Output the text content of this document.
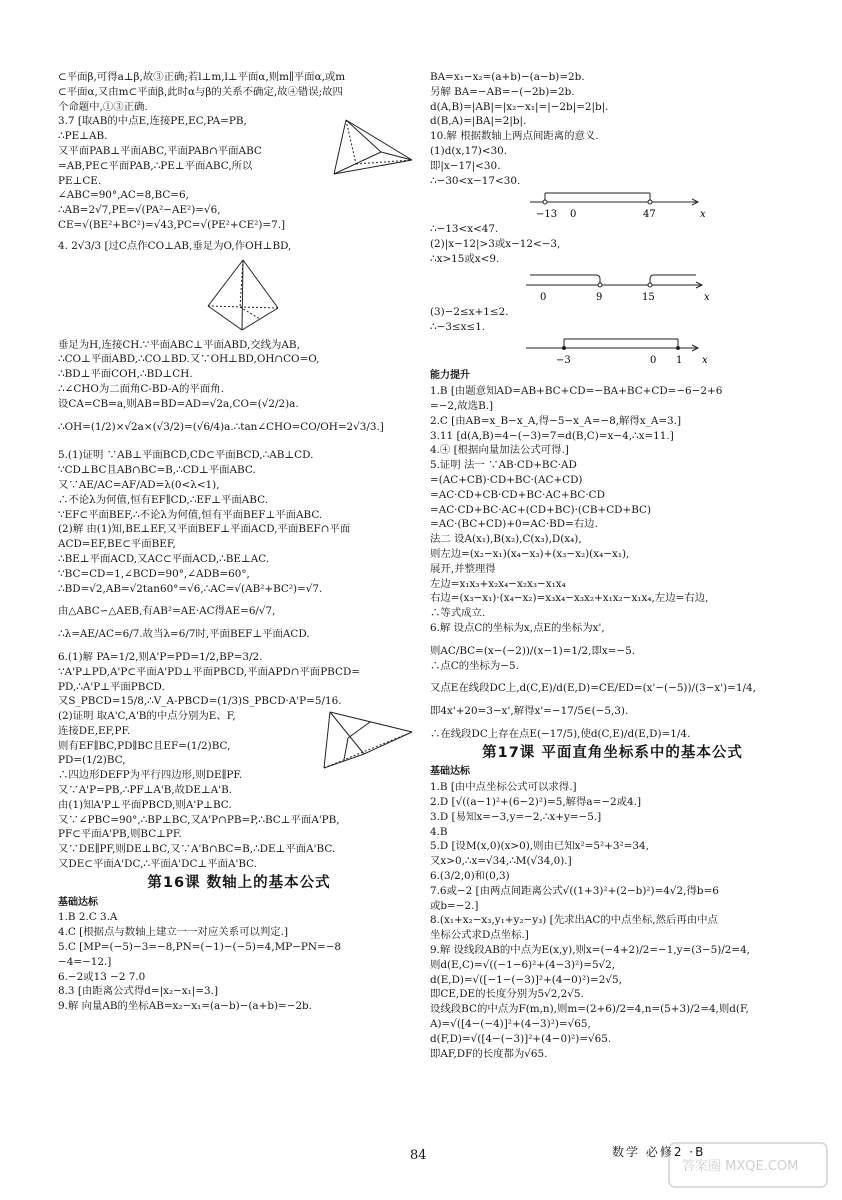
⊂平面β,可得a⊥β,故③正确;若l⊥m,l⊥平面α,则m∥平面α,或m
⊂平面α,又由m⊂平面β,此时α与β的关系不确定,故④错误;故四
个命题中,①③正确.
3.7 [取AB的中点E,连接PE,EC,PA=PB,
∴PE⊥AB.
又平面PAB⊥平面ABC,平面PAB∩平面ABC
=AB,PE⊂平面PAB,∴PE⊥平面ABC,所以
PE⊥CE.
∠ABC=90°,AC=8,BC=6,
∴AB=2√7,PE=√(PA²−AE²)=√6,
CE=√(BE²+BC²)=√43,PC=√(PE²+CE²)=7.]
4. 2√3/3 [过C点作CO⊥AB,垂足为O,作OH⊥BD,
垂足为H,连接CH.∵平面ABC⊥平面ABD,交线为AB,
∴CO⊥平面ABD,∴CO⊥BD.又∵OH⊥BD,OH∩CO=O,
∴BD⊥平面COH,∴BD⊥CH.
∴∠CHO为二面角C-BD-A的平面角.
设CA=CB=a,则AB=BD=AD=√2a,CO=(√2/2)a.
∴OH=(1/2)×√2a×(√3/2)=(√6/4)a.∴tan∠CHO=CO/OH=2√3/3.]
5.(1)证明 ∵AB⊥平面BCD,CD⊂平面BCD,∴AB⊥CD.
∵CD⊥BC且AB∩BC=B,∴CD⊥平面ABC.
又∵AE/AC=AF/AD=λ(0<λ<1),
∴不论λ为何值,恒有EF∥CD,∴EF⊥平面ABC.
∵EF⊂平面BEF,∴不论λ为何值,恒有平面BEF⊥平面ABC.
(2)解 由(1)知,BE⊥EF,又平面BEF⊥平面ACD,平面BEF∩平面
ACD=EF,BE⊂平面BEF,
∴BE⊥平面ACD,又AC⊂平面ACD,∴BE⊥AC.
∵BC=CD=1,∠BCD=90°,∠ADB=60°,
∴BD=√2,AB=√2tan60°=√6,∴AC=√(AB²+BC²)=√7.
由△ABC∽△AEB,有AB²=AE·AC得AE=6/√7,
∴λ=AE/AC=6/7.故当λ=6/7时,平面BEF⊥平面ACD.
6.(1)解 PA=1/2,则A'P=PD=1/2,BP=3/2.
∵A'P⊥PD,A'P⊂平面A'PD⊥平面PBCD,平面APD∩平面PBCD=
PD,∴A'P⊥平面PBCD.
又S_PBCD=15/8,∴V_A-PBCD=(1/3)S_PBCD·A'P=5/16.
(2)证明 取A'C,A'B的中点分别为E、F,
连接DE,EF,PF.
则有EF∥BC,PD∥BC且EF=(1/2)BC,
PD=(1/2)BC,
∴四边形DEFP为平行四边形,则DE∥PF.
又∵A'P=PB,∴PF⊥A'B,故DE⊥A'B.
由(1)知A'P⊥平面PBCD,则A'P⊥BC.
又∵∠PBC=90°,∴BP⊥BC,又A'P∩PB=P,∴BC⊥平面A'PB,
PF⊂平面A'PB,则BC⊥PF.
又∵DE∥PF,则DE⊥BC,又∵A'B∩BC=B,∴DE⊥平面A'BC.
又DE⊂平面A'DC,∴平面A'DC⊥平面A'BC.
第16课 数轴上的基本公式
基础达标
1.B 2.C 3.A
4.C [根据点与数轴上建立一一对应关系可以判定.]
5.C [MP=(−5)−3=−8,PN=(−1)−(−5)=4,MP−PN=−8
−4=−12.]
6.−2或13 −2 7.0
8.3 [由距离公式得d=|x₂−x₁|=3.]
9.解 向量AB的坐标AB=x₂−x₁=(a−b)−(a+b)=−2b.
BA=x₁−x₂=(a+b)−(a−b)=2b.
另解 BA=−AB=−(−2b)=2b.
d(A,B)=|AB|=|x₂−x₁|=|−2b|=2|b|.
d(B,A)=|BA|=2|b|.
10.解 根据数轴上两点间距离的意义.
(1)d(x,17)<30.
即|x−17|<30.
∴−30<x−17<30.
−13 0	47	x
∴−13<x<47.
(2)|x−12|>3或x−12<−3,
∴x>15或x<9.
0	9	15	x
(3)−2≤x+1≤2.
∴−3≤x≤1.
−3	0 1 x
能力提升
1.B [由题意知AD=AB+BC+CD=−BA+BC+CD=−6−2+6
=−2,故选B.]
2.C [由AB=x_B−x_A,得−5−x_A=−8,解得x_A=3.]
3.11 [d(A,B)=4−(−3)=7=d(B,C)=x−4,∴x=11.]
4.④ [根据向量加法公式可得.]
5.证明 法一 ∵AB·CD+BC·AD
=(AC+CB)·CD+BC·(AC+CD)
=AC·CD+CB·CD+BC·AC+BC·CD
=AC·CD+BC·AC+(CD+BC)·(CB+CD+BC)
=AC·(BC+CD)+0=AC·BD=右边.
法二 设A(x₁),B(x₂),C(x₃),D(x₄),
则左边=(x₂−x₁)(x₄−x₃)+(x₃−x₂)(x₄−x₁),
展开,并整理得
左边=x₁x₃+x₂x₄−x₂x₃−x₁x₄
右边=(x₃−x₁)·(x₄−x₂)=x₃x₄−x₃x₂+x₁x₂−x₁x₄,左边=右边,
∴等式成立.
6.解 设点C的坐标为x,点E的坐标为x',
则AC/BC=(x−(−2))/(x−1)=1/2,即x=−5.
∴点C的坐标为−5.
又点E在线段DC上,d(C,E)/d(E,D)=CE/ED=(x'−(−5))/(3−x')=1/4,
即4x'+20=3−x',解得x'=−17/5∈(−5,3).
∴在线段DC上存在点E(−17/5),使d(C,E)/d(E,D)=1/4.
第17课 平面直角坐标系中的基本公式
基础达标
1.B [由中点坐标公式可以求得.]
2.D [√((a−1)²+(6−2)²)=5,解得a=−2或4.]
3.D [易知x=−3,y=−2,∴x+y=−5.]
4.B
5.D [设M(x,0)(x>0),则由已知x²=5²+3²=34,
又x>0,∴x=√34,∴M(√34,0).]
6.(3/2,0)和(0,3)
7.6或−2 [由两点间距离公式√((1+3)²+(2−b)²)=4√2,得b=6
或b=−2.]
8.(x₁+x₂−x₃,y₁+y₂−y₃) [先求出AC的中点坐标,然后再由中点
坐标公式求D点坐标.]
9.解 设线段AB的中点为E(x,y),则x=(−4+2)/2=−1,y=(3−5)/2=4,
则d(E,C)=√((−1−6)²+(4−3)²)=5√2,
d(E,D)=√([−1−(−3)]²+(4−0)²)=2√5,
即CE,DE的长度分别为5√2,2√5.
设线段BC的中点为F(m,n),则m=(2+6)/2=4,n=(5+3)/2=4,则d(F,
A)=√([4−(−4)]²+(4−3)²)=√65,
d(F,D)=√([4−(−3)]²+(4−0)²)=√65.
即AF,DF的长度都为√65.
84	数学 必修2 ·B
答案圈 MXQE.COM
